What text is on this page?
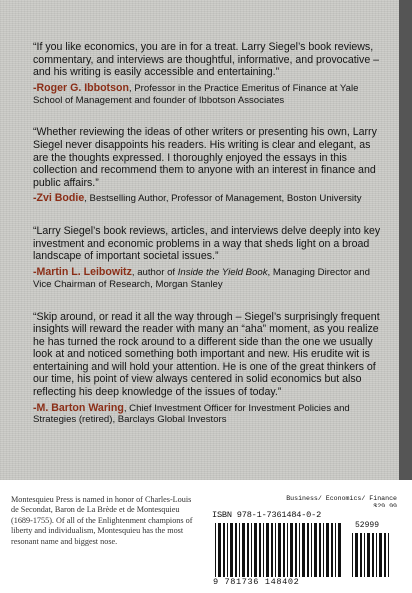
“If you like economics, you are in for a treat. Larry Siegel’s book reviews, commentary, and interviews are thoughtful, informative, and provocative – and his writing is easily accessible and entertaining.”

-Roger G. Ibbotson, Professor in the Practice Emeritus of Finance at Yale School of Management and founder of Ibbotson Associates

“Whether reviewing the ideas of other writers or presenting his own, Larry Siegel never disappoints his readers. His writing is clear and elegant, as are the thoughts expressed. I thoroughly enjoyed the essays in this collection and recommend them to anyone with an interest in finance and public affairs.”

-Zvi Bodie, Bestselling Author, Professor of Management, Boston University

“Larry Siegel’s book reviews, articles, and interviews delve deeply into key investment and economic problems in a way that sheds light on a broad landscape of important societal issues.”

-Martin L. Leibowitz, author of Inside the Yield Book, Managing Director and Vice Chairman of Research, Morgan Stanley

“Skip around, or read it all the way through – Siegel’s surprisingly frequent insights will reward the reader with many an “aha” moment, as you realize he has turned the rock around to a different side than the one we usually look at and noticed something both important and new. His erudite wit is entertaining and will hold your attention. He is one of the great thinkers of our time, his point of view always centered in solid economics but also reflecting his deep knowledge of the issues of today.”

-M. Barton Waring, Chief Investment Officer for Investment Policies and Strategies (retired), Barclays Global Investors

Montesquieu Press is named in honor of Charles-Louis de Secondat, Baron de La Brède et de Montesquieu (1689-1755). Of all of the Enlightenment champions of liberty and individualism, Montesquieu has the most resonant name and biggest nose.

Business/ Economics/ Finance

ISBN 978-1-7361484-0-2

52999

9 781736 148402
